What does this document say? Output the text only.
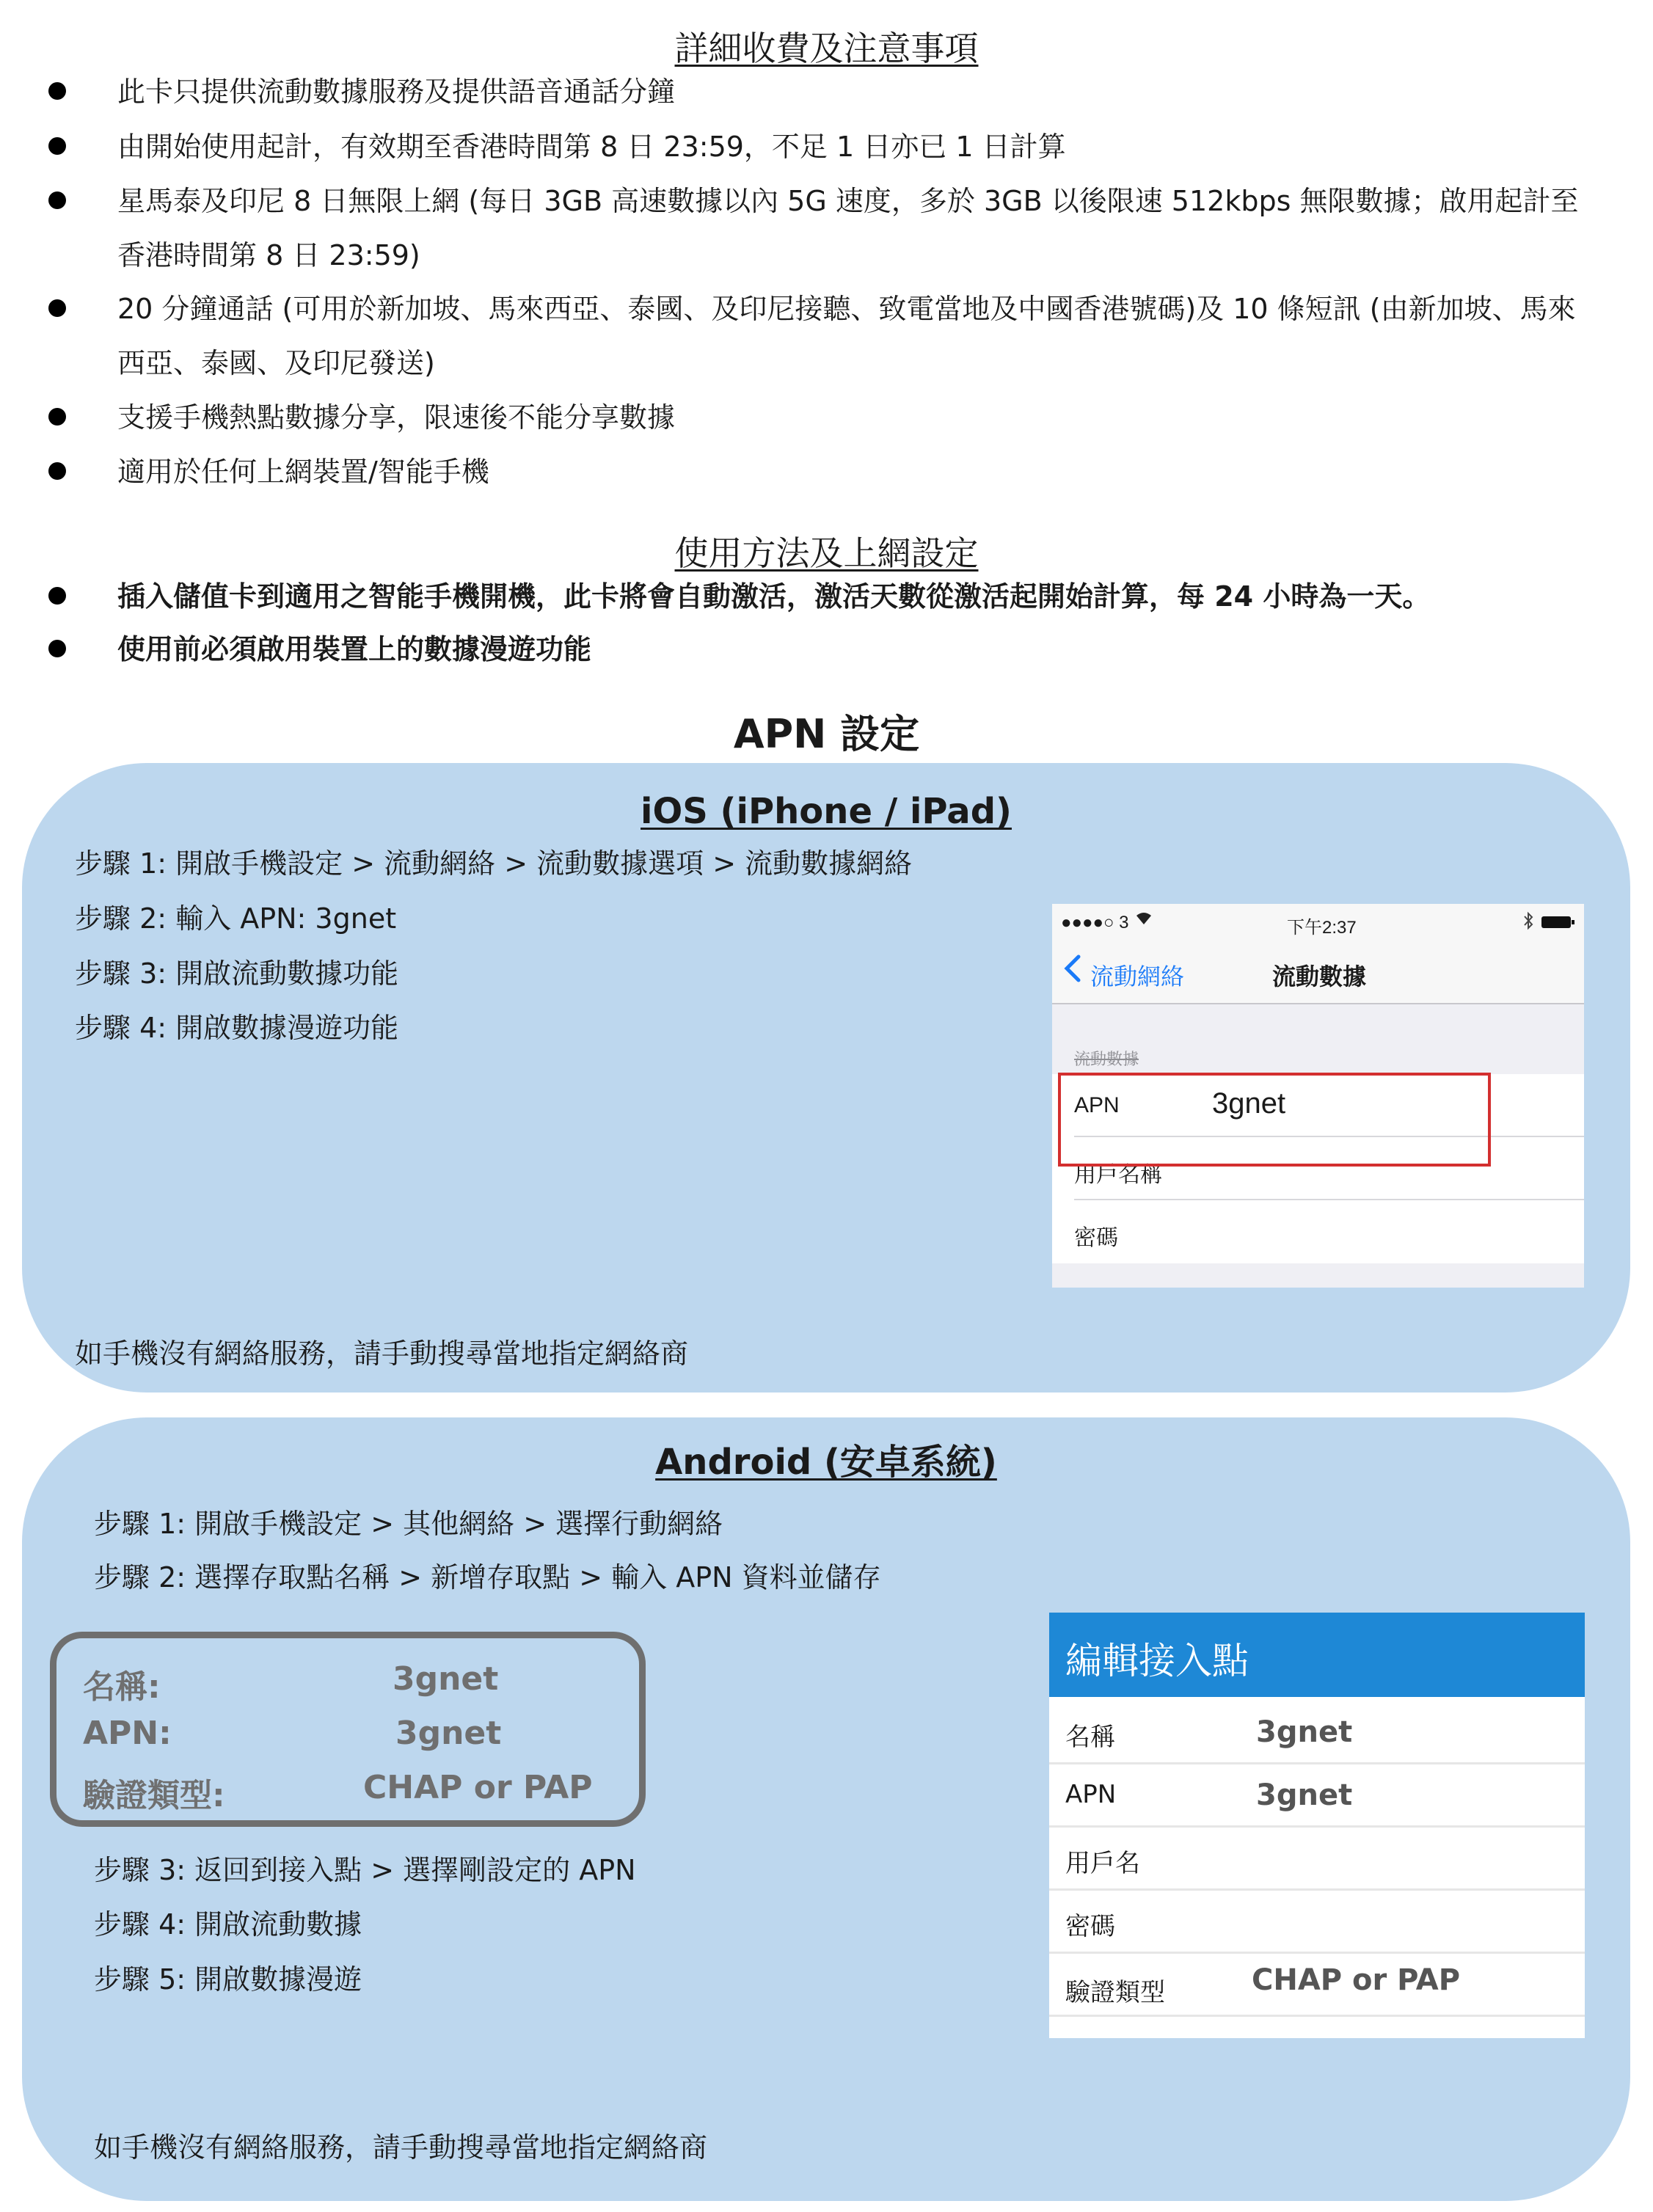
詳細收費及注意事項
此卡只提供流動數據服務及提供語音通話分鐘
由開始使用起計，有效期至香港時間第 8 日 23:59，不足 1 日亦已 1 日計算
星馬泰及印尼 8 日無限上網 (每日 3GB 高速數據以內 5G 速度，多於 3GB 以後限速 512kbps 無限數據；啟用起計至香港時間第 8 日 23:59)
20 分鐘通話 (可用於新加坡、馬來西亞、泰國、及印尼接聽、致電當地及中國香港號碼)及 10 條短訊 (由新加坡、馬來西亞、泰國、及印尼發送)
支援手機熱點數據分享，限速後不能分享數據
適用於任何上網裝置/智能手機
使用方法及上網設定
插入儲值卡到適用之智能手機開機，此卡將會自動激活，激活天數從激活起開始計算，每 24 小時為一天。
使用前必須啟用裝置上的數據漫遊功能
APN 設定
iOS (iPhone / iPad)
步驟 1: 開啟手機設定 > 流動網絡 > 流動數據選項 > 流動數據網絡
步驟 2: 輸入 APN: 3gnet
步驟 3: 開啟流動數據功能
步驟 4: 開啟數據漫遊功能
如手機沒有網絡服務，請手動搜尋當地指定網絡商
●●●●○ 3	下午2:37
流動網絡	流動數據
流動數據
APN	3gnet
用戶名稱
密碼
Android (安卓系統)
步驟 1: 開啟手機設定 > 其他網絡 > 選擇行動網絡
步驟 2: 選擇存取點名稱 > 新增存取點 > 輸入 APN 資料並儲存
名稱:	3gnet
APN:	3gnet
驗證類型:	CHAP or PAP
步驟 3: 返回到接入點 > 選擇剛設定的 APN
步驟 4: 開啟流動數據
步驟 5: 開啟數據漫遊
如手機沒有網絡服務，請手動搜尋當地指定網絡商
編輯接入點
名稱	3gnet
APN	3gnet
用戶名
密碼
驗證類型	CHAP or PAP
